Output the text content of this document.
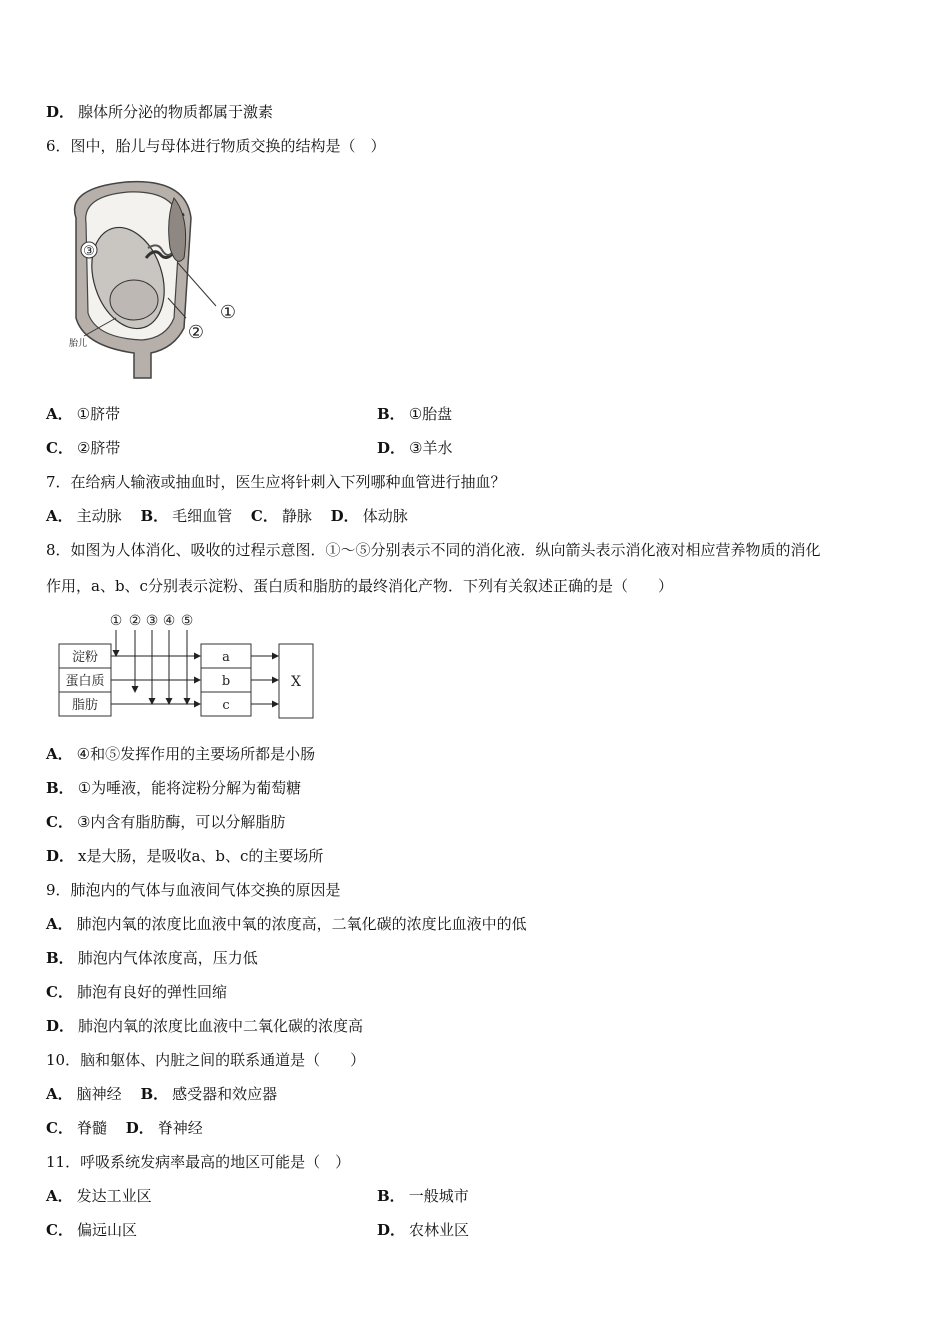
D． 腺体所分泌的物质都属于激素
6．图中，胎儿与母体进行物质交换的结构是（　）
③
①
②
胎儿
A． ①脐带	B． ①胎盘
C． ②脐带	D． ③羊水
7．在给病人输液或抽血时，医生应将针刺入下列哪种血管进行抽血？
A． 主动脉 B． 毛细血管 C． 静脉 D． 体动脉
8．如图为人体消化、吸收的过程示意图．①～⑤分别表示不同的消化液．纵向箭头表示消化液对相应营养物质的消化
作用，a、b、c分别表示淀粉、蛋白质和脂肪的最终消化产物．下列有关叙述正确的是（　　）
① ② ③ ④ ⑤
淀粉
蛋白质
脂肪
a
b
c
X
A． ④和⑤发挥作用的主要场所都是小肠
B． ①为唾液，能将淀粉分解为葡萄糖
C． ③内含有脂肪酶，可以分解脂肪
D． x是大肠，是吸收a、b、c的主要场所
9．肺泡内的气体与血液间气体交换的原因是
A． 肺泡内氧的浓度比血液中氧的浓度高，二氧化碳的浓度比血液中的低
B． 肺泡内气体浓度高，压力低
C． 肺泡有良好的弹性回缩
D． 肺泡内氧的浓度比血液中二氧化碳的浓度高
10．脑和躯体、内脏之间的联系通道是（　　）
A． 脑神经 B． 感受器和效应器
C． 脊髓 D． 脊神经
11．呼吸系统发病率最高的地区可能是（　）
A． 发达工业区	B． 一般城市
C． 偏远山区	D． 农林业区
